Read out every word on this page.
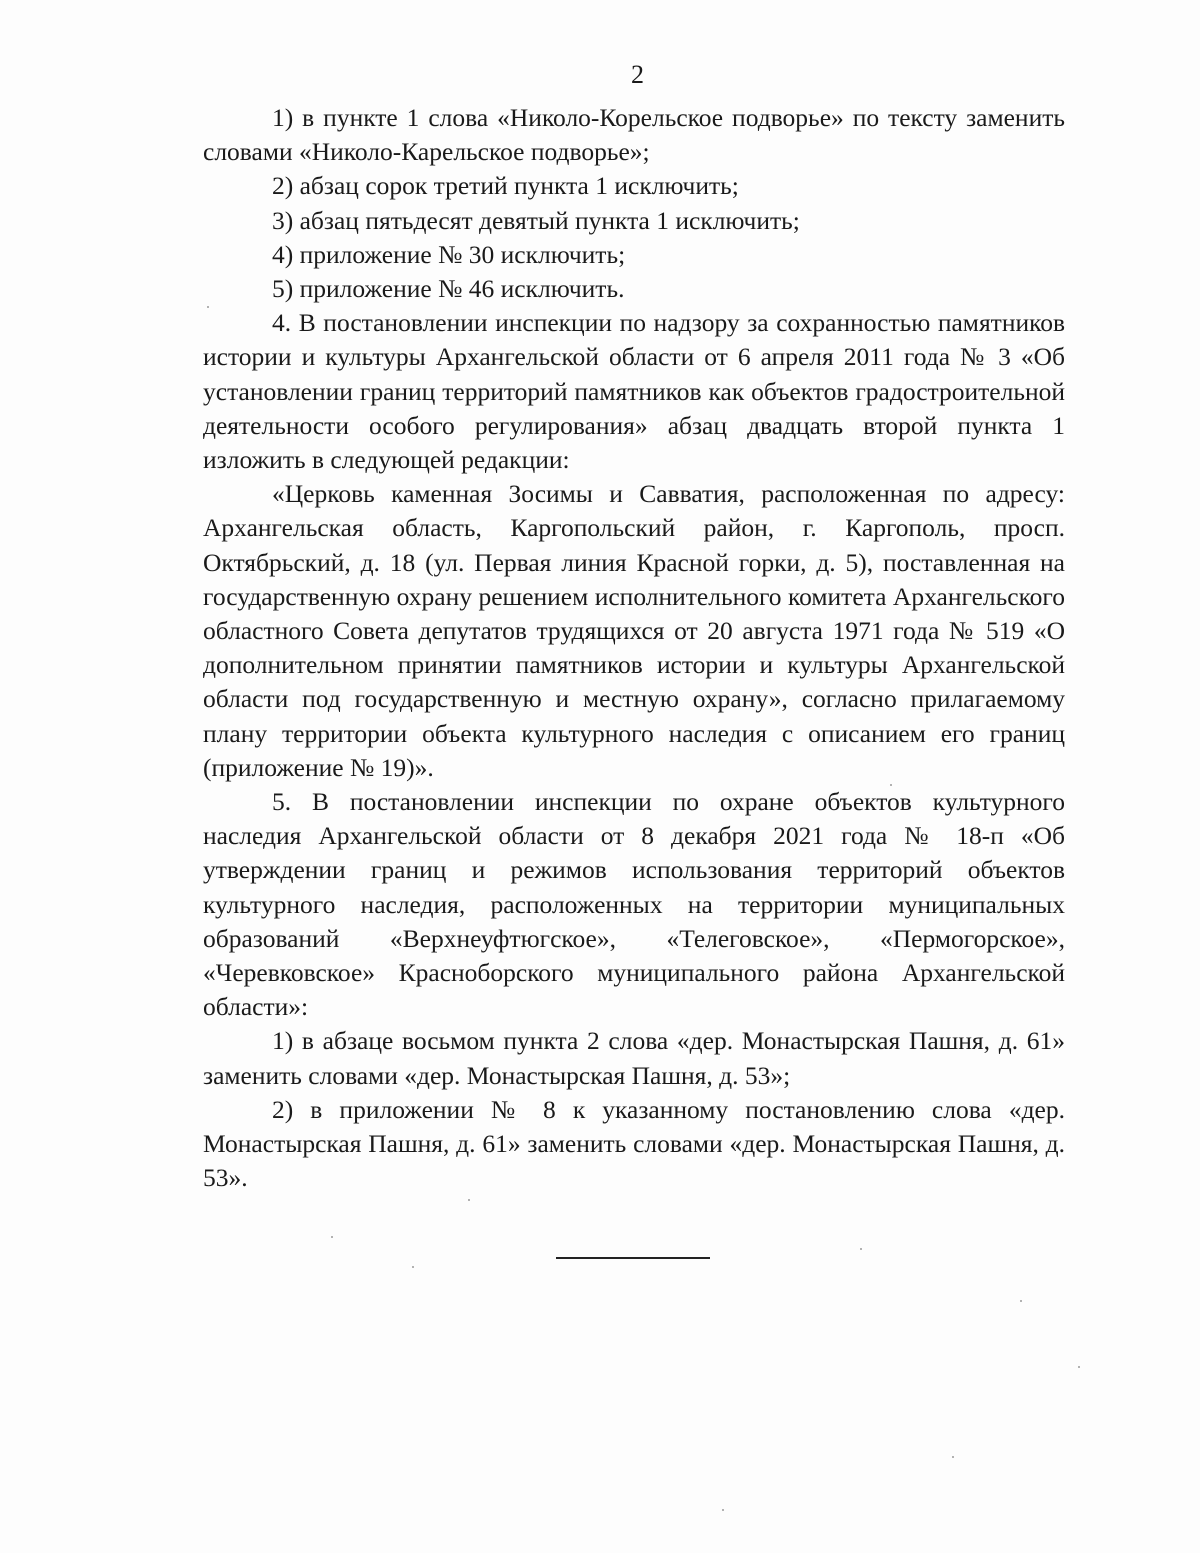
2

1) в пункте 1 слова «Николо-Корельское подворье» по тексту заменить словами «Николо-Карельское подворье»;

2) абзац сорок третий пункта 1 исключить;

3) абзац пятьдесят девятый пункта 1 исключить;

4) приложение № 30 исключить;

5) приложение № 46 исключить.

4. В постановлении инспекции по надзору за сохранностью памятников истории и культуры Архангельской области от 6 апреля 2011 года № 3 «Об установлении границ территорий памятников как объектов градостроительной деятельности особого регулирования» абзац двадцать второй пункта 1 изложить в следующей редакции:

«Церковь каменная Зосимы и Савватия, расположенная по адресу: Архангельская область, Каргопольский район, г. Каргополь, просп. Октябрьский, д. 18 (ул. Первая линия Красной горки, д. 5), поставленная на государственную охрану решением исполнительного комитета Архангельского областного Совета депутатов трудящихся от 20 августа 1971 года № 519 «О дополнительном принятии памятников истории и культуры Архангельской области под государственную и местную охрану», согласно прилагаемому плану территории объекта культурного наследия с описанием его границ (приложение № 19)».

5. В постановлении инспекции по охране объектов культурного наследия Архангельской области от 8 декабря 2021 года № 18-п «Об утверждении границ и режимов использования территорий объектов культурного наследия, расположенных на территории муниципальных образований «Верхнеуфтюгское», «Телеговское», «Пермогорское», «Черевковское» Красноборского муниципального района Архангельской области»:

1) в абзаце восьмом пункта 2 слова «дер. Монастырская Пашня, д. 61» заменить словами «дер. Монастырская Пашня, д. 53»;

2) в приложении № 8 к указанному постановлению слова «дер. Монастырская Пашня, д. 61» заменить словами «дер. Монастырская Пашня, д. 53».
